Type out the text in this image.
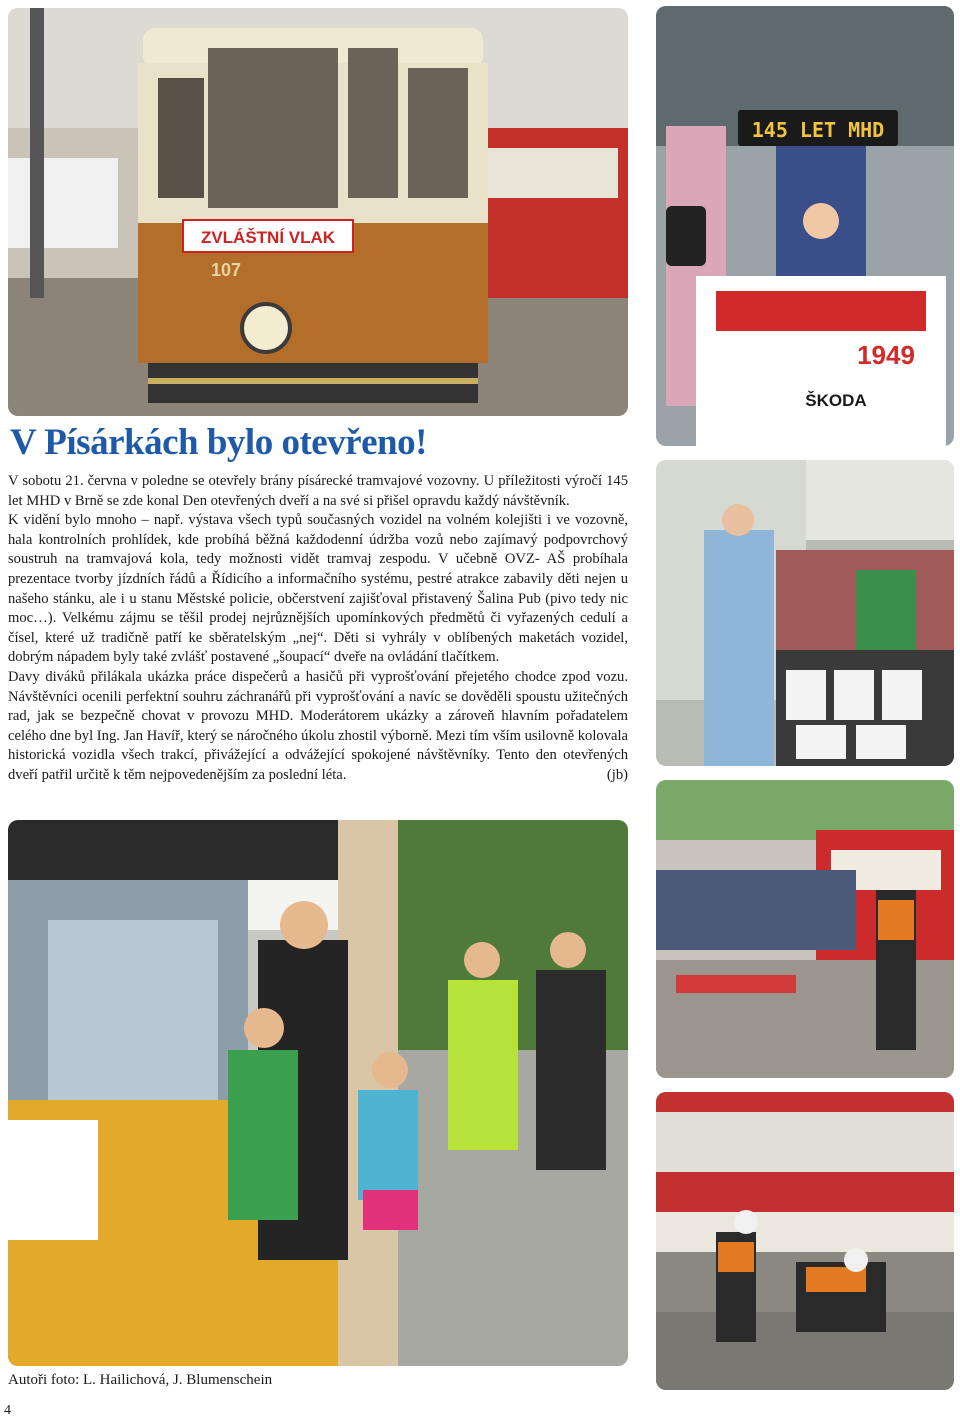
ZVLÁŠTNÍ VLAK
107
145 LET MHD
1949
ŠKODA
V Písárkách bylo otevřeno!

V sobotu 21. června v poledne se otevřely brány písárecké tramvajové vozovny. U příležitosti výročí 145 let MHD v Brně se zde konal Den otevřených dveří a na své si přišel opravdu každý návštěvník.

K vidění bylo mnoho – např. výstava všech typů současných vozidel na volném kolejišti i ve vozovně, hala kontrolních prohlídek, kde probíhá běžná každodenní údržba vozů nebo zajímavý podpovrchový soustruh na tramvajová kola, tedy možnosti vidět tramvaj zespodu. V učebně OVZ- AŠ probíhala prezentace tvorby jízdních řádů a Řídicího a informačního systému, pestré atrakce zabavily děti nejen u našeho stánku, ale i u stanu Městské policie, občerstvení zajišťoval přistavený Šalina Pub (pivo tedy nic moc…). Velkému zájmu se těšil prodej nejrůznějších upomínkových předmětů či vyřazených cedulí a čísel, které už tradičně patří ke sběratelským „nej“. Děti si vyhrály v oblíbených maketách vozidel, dobrým nápadem byly také zvlášť postavené „šoupací“ dveře na ovládání tlačítkem.

Davy diváků přilákala ukázka práce dispečerů a hasičů při vyprošťování přejetého chodce zpod vozu. Návštěvníci ocenili perfektní souhru záchranářů při vyprošťování a navíc se dověděli spoustu užitečných rad, jak se bezpečně chovat v provozu MHD. Moderátorem ukázky a zároveň hlavním pořadatelem celého dne byl Ing. Jan Havíř, který se náročného úkolu zhostil výborně. Mezi tím vším usilovně kolovala historická vozidla všech trakcí, přivážející a odvážející spokojené návštěvníky. Tento den otevřených dveří patřil určitě k těm nejpovedenějším za poslední léta.	(jb)

Autoři foto: L. Hailichová, J. Blumenschein
4
